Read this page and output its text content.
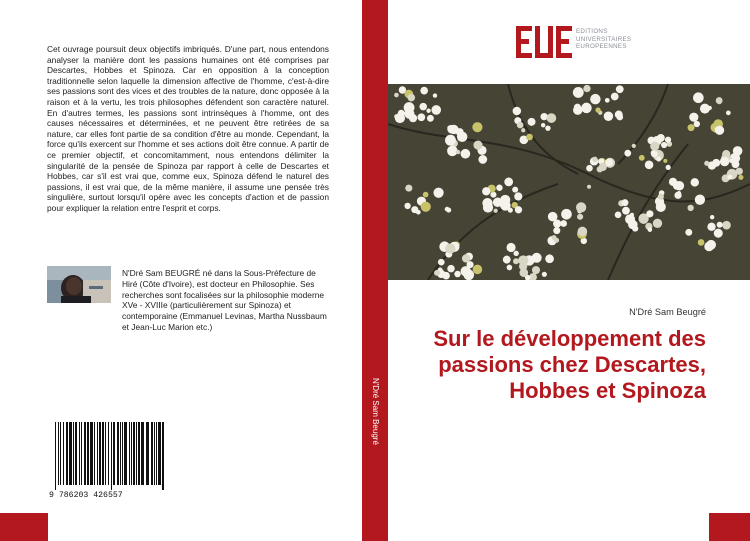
Cet ouvrage poursuit deux objectifs imbriqués. D'une part, nous entendons analyser la manière dont les passions humaines ont été comprises par Descartes, Hobbes et Spinoza. Car en opposition à la conception traditionnelle selon laquelle la dimension affective de l'homme, c'est-à-dire ses passions sont des vices et des troubles de la nature, donc opposée à la raison et à la vertu, les trois philosophes défendent son caractère naturel. En d'autres termes, les passions sont intrinsèques à l'homme, ont des causes nécessaires et déterminées, et ne peuvent être retirées de sa nature, car elles font partie de sa condition d'être au monde. Cependant, la force qu'ils exercent sur l'homme et ses actions doit être connue. A partir de ce premier objectif, et concomitamment, nous entendons délimiter la singularité de la pensée de Spinoza par rapport à celle de Descartes et Hobbes, car s'il est vrai que, comme eux, Spinoza défend le naturel des passions, il est vrai que, de la même manière, il assume une pensée très singulière, surtout lorsqu'il opère avec les concepts d'action et de passion pour expliquer la relation entre l'esprit et corps.

N'Dré Sam BEUGRÉ né dans la Sous-Préfecture de Hiré (Côte d'Ivoire), est docteur en Philosophie. Ses recherches sont focalisées sur la philosophie moderne XVe - XVIIIe (particulièrement sur Spinoza) et contemporaine (Emmanuel Levinas, Martha Nussbaum et Jean-Luc Marion etc.)

9 786203 426557
N'Dré Sam Beugré
EDITIONS
UNIVERSITAIRES
EUROPEENNES

N'Dré Sam Beugré

Sur le développement des
passions chez Descartes,
Hobbes et Spinoza
